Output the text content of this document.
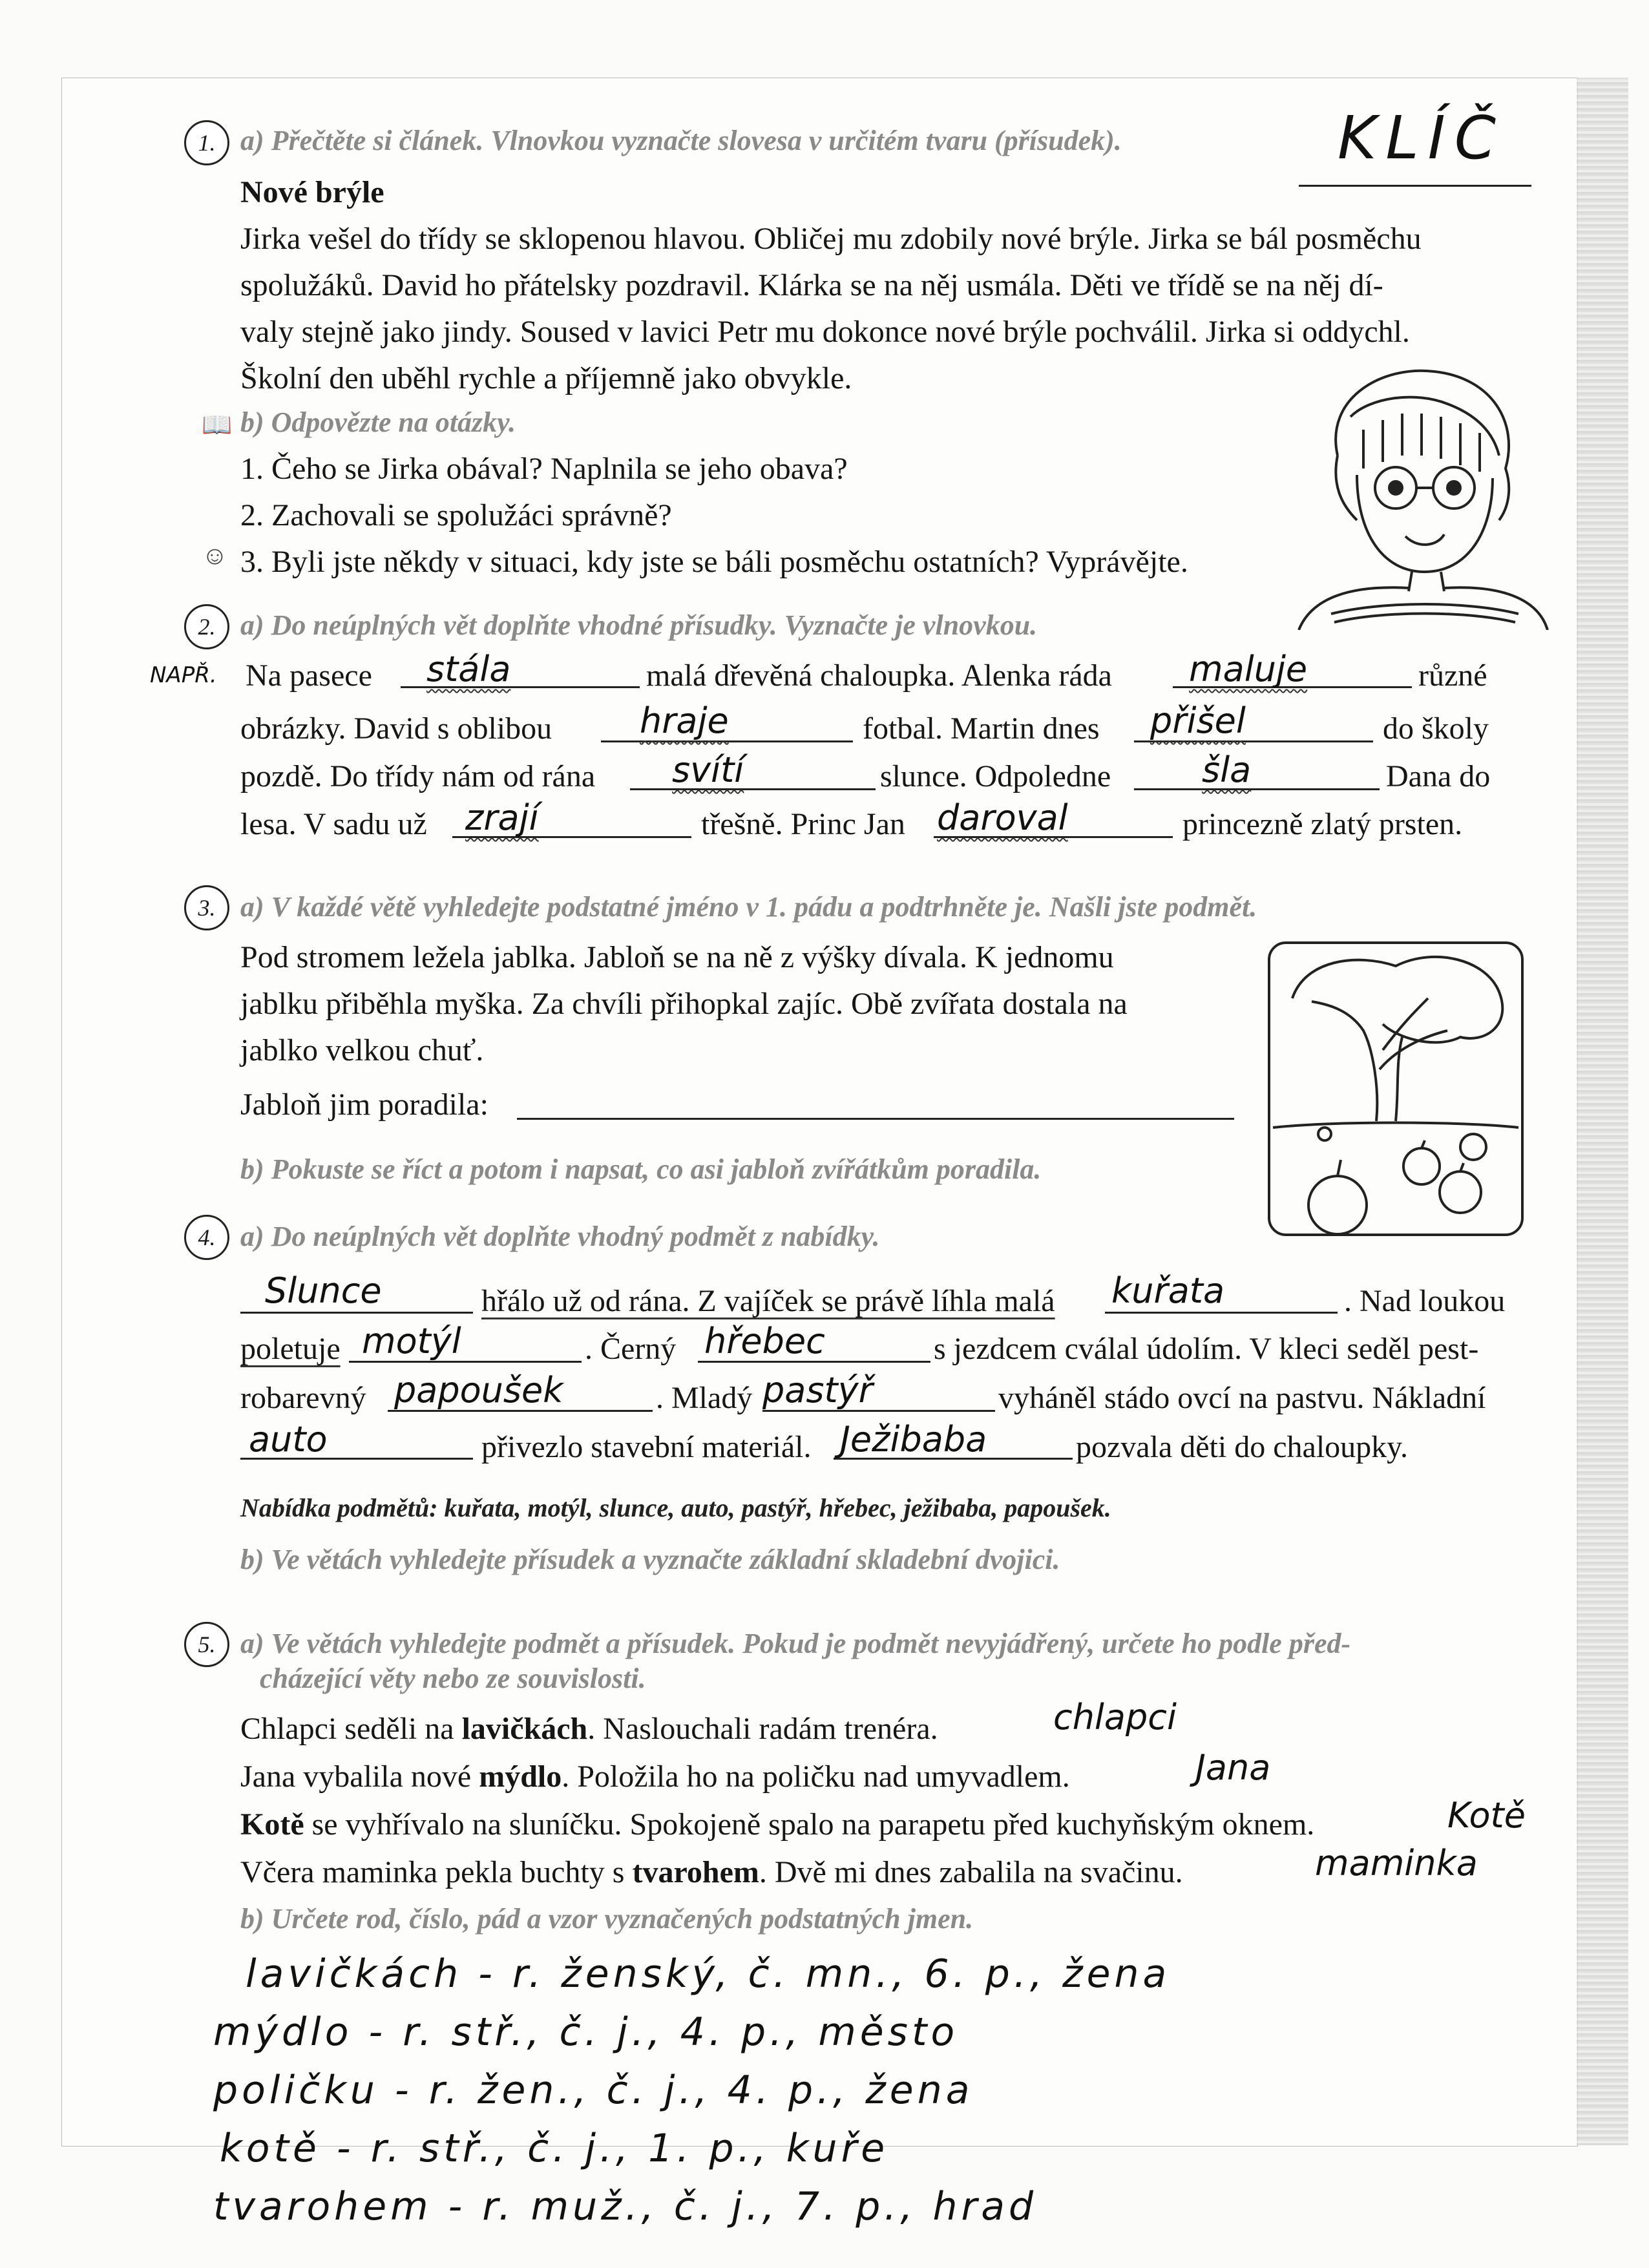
KLÍČ
1. a) Přečtěte si článek. Vlnovkou vyznačte slovesa v určitém tvaru (přísudek).
Nové brýle
Jirka vešel do třídy se sklopenou hlavou. Obličej mu zdobily nové brýle. Jirka se bál posměchu
spolužáků. David ho přátelsky pozdravil. Klárka se na něj usmála. Děti ve třídě se na něj dí-
valy stejně jako jindy. Soused v lavici Petr mu dokonce nové brýle pochválil. Jirka si oddychl.
Školní den uběhl rychle a příjemně jako obvykle.
📖 b) Odpovězte na otázky.
1. Čeho se Jirka obával? Naplnila se jeho obava?
2. Zachovali se spolužáci správně?
☺ 3. Byli jste někdy v situaci, kdy jste se báli posměchu ostatních? Vyprávějte.
2. a) Do neúplných vět doplňte vhodné přísudky. Vyznačte je vlnovkou.
NAPŘ. Na pasece stála	malá dřevěná chaloupka. Alenka ráda maluje	různé
obrázky. David s oblibou	hraje	fotbal. Martin dnes přišel	do školy
pozdě. Do třídy nám od rána svítí	slunce. Odpoledne	šla	Dana do
lesa. V sadu už zrají	třešně. Princ Jan daroval	princezně zlatý prsten.
3. a) V každé větě vyhledejte podstatné jméno v 1. pádu a podtrhněte je. Našli jste podmět.
Pod stromem ležela jablka. Jabloň se na ně z výšky dívala. K jednomu
jablku přiběhla myška. Za chvíli přihopkal zajíc. Obě zvířata dostala na
jablko velkou chuť.
Jabloň jim poradila:
b) Pokuste se říct a potom i napsat, co asi jabloň zvířátkům poradila.
4. a) Do neúplných vět doplňte vhodný podmět z nabídky.
Slunce	hřálo už od rána. Z vajíček se právě líhla malá kuřata	. Nad loukou
poletuje motýl	. Černý hřebec	s jezdcem cválal údolím. V kleci seděl pest-
robarevný papoušek	. Mladý pastýř	vyháněl stádo ovcí na pastvu. Nákladní
auto	přivezlo stavební materiál. Ježibaba	pozvala děti do chaloupky.
Nabídka podmětů: kuřata, motýl, slunce, auto, pastýř, hřebec, ježibaba, papoušek.
b) Ve větách vyhledejte přísudek a vyznačte základní skladební dvojici.
5. a) Ve větách vyhledejte podmět a přísudek. Pokud je podmět nevyjádřený, určete ho podle před-
cházející věty nebo ze souvislosti.
Chlapci seděli na lavičkách. Naslouchali radám trenéra.	chlapci
Jana vybalila nové mýdlo. Položila ho na poličku nad umyvadlem.	Jana
Kotě se vyhřívalo na sluníčku. Spokojeně spalo na parapetu před kuchyňským oknem.	Kotě
Včera maminka pekla buchty s tvarohem. Dvě mi dnes zabalila na svačinu.	maminka
b) Určete rod, číslo, pád a vzor vyznačených podstatných jmen.
lavičkách - r. ženský, č. mn., 6. p., žena
mýdlo - r. stř., č. j., 4. p., město
poličku - r. žen., č. j., 4. p., žena
kotě - r. stř., č. j., 1. p., kuře
tvarohem - r. muž., č. j., 7. p., hrad
